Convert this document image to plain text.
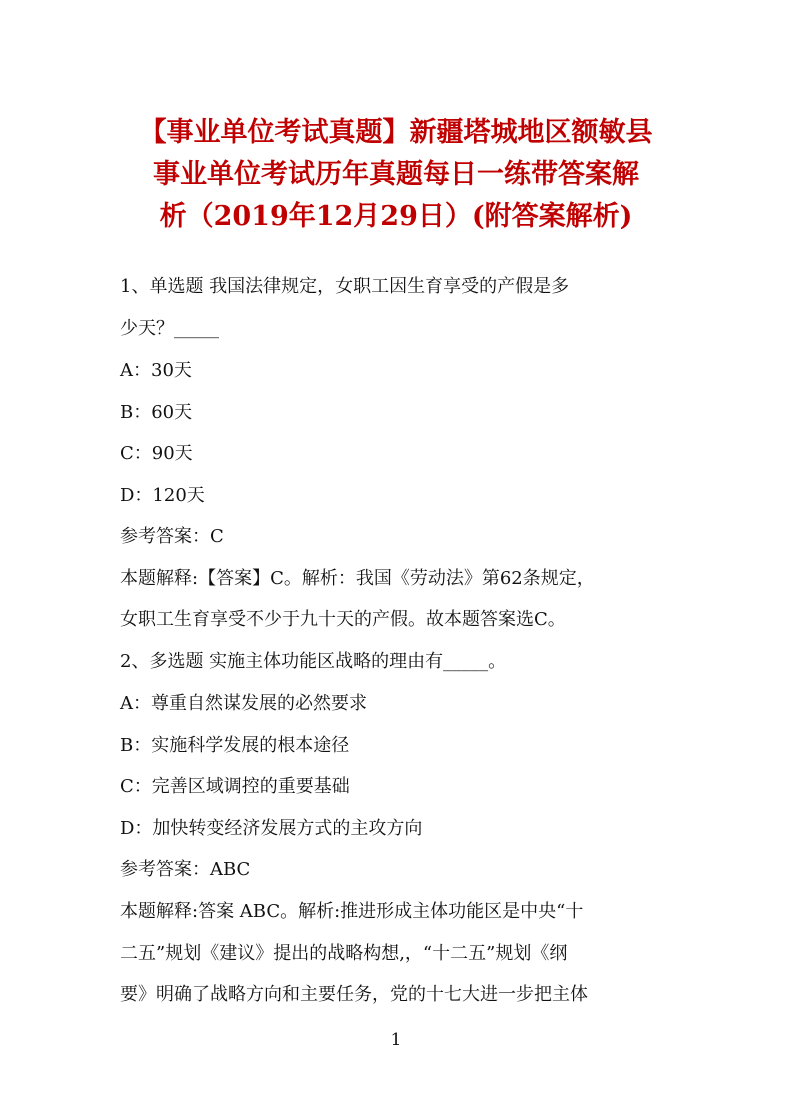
【事业单位考试真题】新疆塔城地区额敏县
事业单位考试历年真题每日一练带答案解
析（2019年12月29日）(附答案解析)
1、单选题 我国法律规定，女职工因生育享受的产假是多
少天？_____
A：30天
B：60天
C：90天
D：120天
参考答案：C
本题解释:【答案】C。解析：我国《劳动法》第62条规定，
女职工生育享受不少于九十天的产假。故本题答案选C。
2、多选题 实施主体功能区战略的理由有_____。
A：尊重自然谋发展的必然要求
B：实施科学发展的根本途径
C：完善区域调控的重要基础
D：加快转变经济发展方式的主攻方向
参考答案：ABC
本题解释:答案 ABC。解析:推进形成主体功能区是中央“十
二五”规划《建议》提出的战略构想,，“十二五”规划《纲
要》明确了战略方向和主要任务，党的十七大进一步把主体
1
